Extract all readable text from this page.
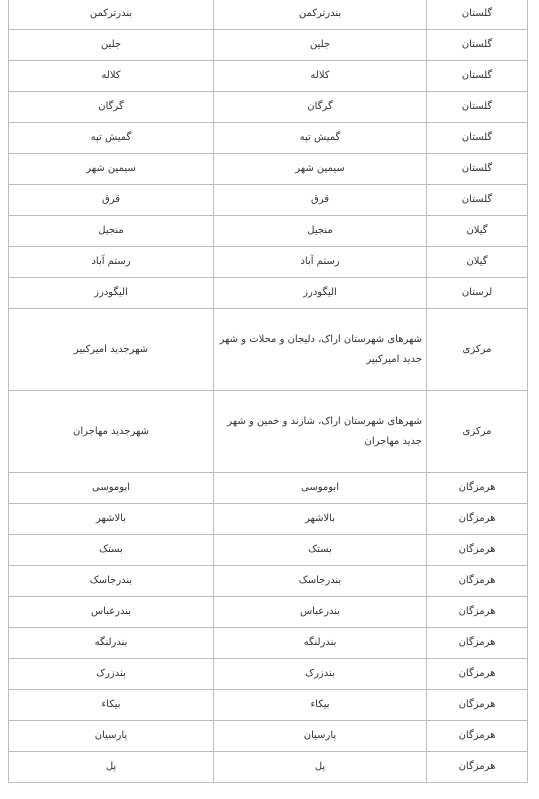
گلستان	بندرترکمن	بندرترکمن
گلستان	جلین	جلین
گلستان	کلاله	کلاله
گلستان	گرگان	گرگان
گلستان	گمیش تپه	گمیش تپه
گلستان	سیمین شهر	سیمین شهر
گلستان	قرق	قرق
گیلان	منجیل	منجیل
گیلان	رستم آباد	رستم آباد
لرستان	الیگودرز	الیگودرز
مرکزی	شهرهای شهرستان اراک، دلیجان و محلات و شهر جدید امیرکبیر	شهرجدید امیرکبیر
مرکزی	شهرهای شهرستان اراک، شازند و خمین و شهر جدید مهاجران	شهرجدید مهاجران
هرمزگان	ابوموسی	ابوموسی
هرمزگان	بالاشهر	بالاشهر
هرمزگان	بستک	بستک
هرمزگان	بندرجاسک	بندرجاسک
هرمزگان	بندرعباس	بندرعباس
هرمزگان	بندرلنگه	بندرلنگه
هرمزگان	بندزرک	بندزرک
هرمزگان	بیکاء	بیکاء
هرمزگان	پارسیان	پارسیان
هرمزگان	پل	پل
